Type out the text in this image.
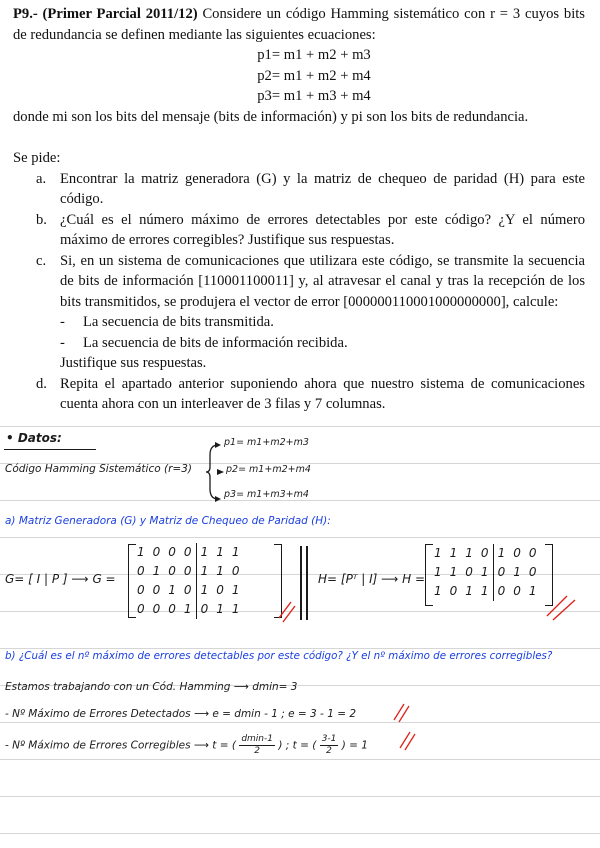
P9.- (Primer Parcial 2011/12) Considere un código Hamming sistemático con r = 3 cuyos bits de redundancia se definen mediante las siguientes ecuaciones:

p1= m1 + m2 + m3
p2= m1 + m2 + m4
p3= m1 + m3 + m4

donde mi son los bits del mensaje (bits de información) y pi son los bits de redundancia.

Se pide:

a. Encontrar la matriz generadora (G) y la matriz de chequeo de paridad (H) para este código.
b. ¿Cuál es el número máximo de errores detectables por este código? ¿Y el número máximo de errores corregibles? Justifique sus respuestas.
c. Si, en un sistema de comunicaciones que utilizara este código, se transmite la secuencia de bits de información [110001100011] y, al atravesar el canal y tras la recepción de los bits transmitidos, se produjera el vector de error [000000110001000000000], calcule:
- La secuencia de bits transmitida.
- La secuencia de bits de información recibida.
Justifique sus respuestas.
d. Repita el apartado anterior suponiendo ahora que nuestro sistema de comunicaciones cuenta ahora con un interleaver de 3 filas y 7 columnas.
• Datos:
Código Hamming Sistemático (r=3)
p1= m1+m2+m3
p2= m1+m2+m4
p3= m1+m3+m4
a) Matriz Generadora (G) y Matriz de Chequeo de Paridad (H):
G= [ I | P ] ⟶ G =
1	0	0	0	1	1	1
0	1	0	0	1	1	0
0	0	1	0	1	0	1
0	0	0	1	0	1	1
H= [Pᵀ | I] ⟶ H =
1	1	1	0	1	0	0
1	1	0	1	0	1	0
1	0	1	1	0	0	1
b) ¿Cuál es el nº máximo de errores detectables por este código? ¿Y el nº máximo de errores corregibles?
Estamos trabajando con un Cód. Hamming ⟶ dmin= 3
- Nº Máximo de Errores Detectados ⟶ e = dmin - 1 ; e = 3 - 1 = 2
- Nº Máximo de Errores Corregibles ⟶ t = (
dmin-1
2	) ; t = ( $\frac{3-1}{2}$ ) = 1
